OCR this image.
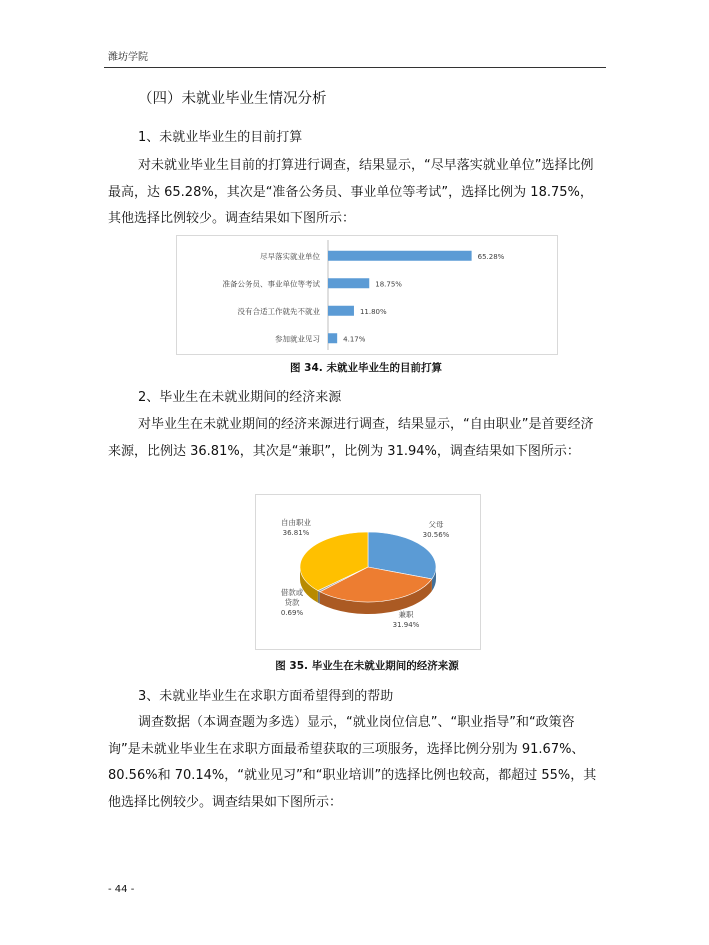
潍坊学院
（四）未就业毕业生情况分析
1、未就业毕业生的目前打算

对未就业毕业生目前的打算进行调查，结果显示，“尽早落实就业单位”选择比例最高，达 65.28%，其次是“准备公务员、事业单位等考试”，选择比例为 18.75%，其他选择比例较少。调查结果如下图所示：

尽早落实就业单位	65.28%
准备公务员、事业单位等考试	18.75%
没有合适工作就先不就业	11.80%
参加就业见习	4.17%
图 34. 未就业毕业生的目前打算
2、毕业生在未就业期间的经济来源

对毕业生在未就业期间的经济来源进行调查，结果显示，“自由职业”是首要经济来源，比例达 36.81%，其次是“兼职”，比例为 31.94%，调查结果如下图所示：

父母
30.56%
兼职
31.94%
借款或
贷款
0.69%
自由职业
36.81%
图 35. 毕业生在未就业期间的经济来源
3、未就业毕业生在求职方面希望得到的帮助

调查数据（本调查题为多选）显示，“就业岗位信息”、“职业指导”和“政策咨询”是未就业毕业生在求职方面最希望获取的三项服务，选择比例分别为 91.67%、80.56%和 70.14%，“就业见习”和“职业培训”的选择比例也较高，都超过 55%，其他选择比例较少。调查结果如下图所示：

- 44 -
